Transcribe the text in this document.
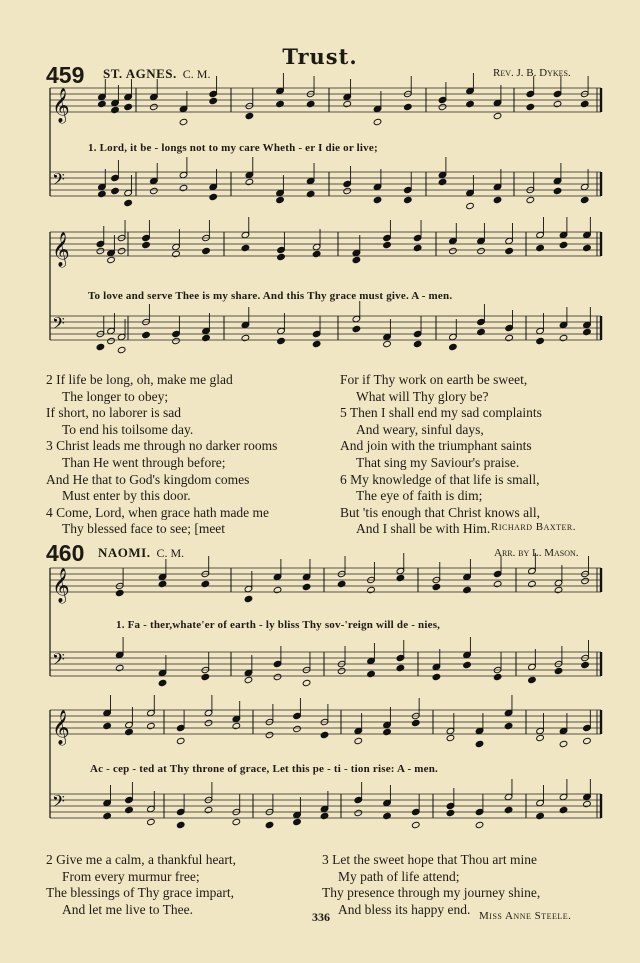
Trust.
459 ST. AGNES. C. M.	Rev. J. B. Dykes.
𝄞
𝄢
1. Lord, it be - longs not to my care Wheth - er I die or live;
𝄞
𝄢
To love and serve Thee is my share. And this Thy grace must give. A - men.
2 If life be long, oh, make me glad
The longer to obey;
If short, no laborer is sad
To end his toilsome day.
3 Christ leads me through no darker rooms
Than He went through before;
And He that to God's kingdom comes
Must enter by this door.
4 Come, Lord, when grace hath made me
Thy blessed face to see; [meet
For if Thy work on earth be sweet,
What will Thy glory be?
5 Then I shall end my sad complaints
And weary, sinful days,
And join with the triumphant saints
That sing my Saviour's praise.
6 My knowledge of that life is small,
The eye of faith is dim;
But 'tis enough that Christ knows all,
And I shall be with Him. Richard Baxter.
460 NAOMI. C. M.	Arr. by L. Mason.
𝄞
𝄢
1. Fa - ther,whate'er of earth - ly bliss Thy sov-'reign will de - nies,
𝄞
𝄢
Ac - cep - ted at Thy throne of grace, Let this pe - ti - tion rise: A - men.
2 Give me a calm, a thankful heart,
From every murmur free;
The blessings of Thy grace impart,
And let me live to Thee.
3 Let the sweet hope that Thou art mine
My path of life attend;
Thy presence through my journey shine,
And bless its happy end. Miss Anne Steele.
336
